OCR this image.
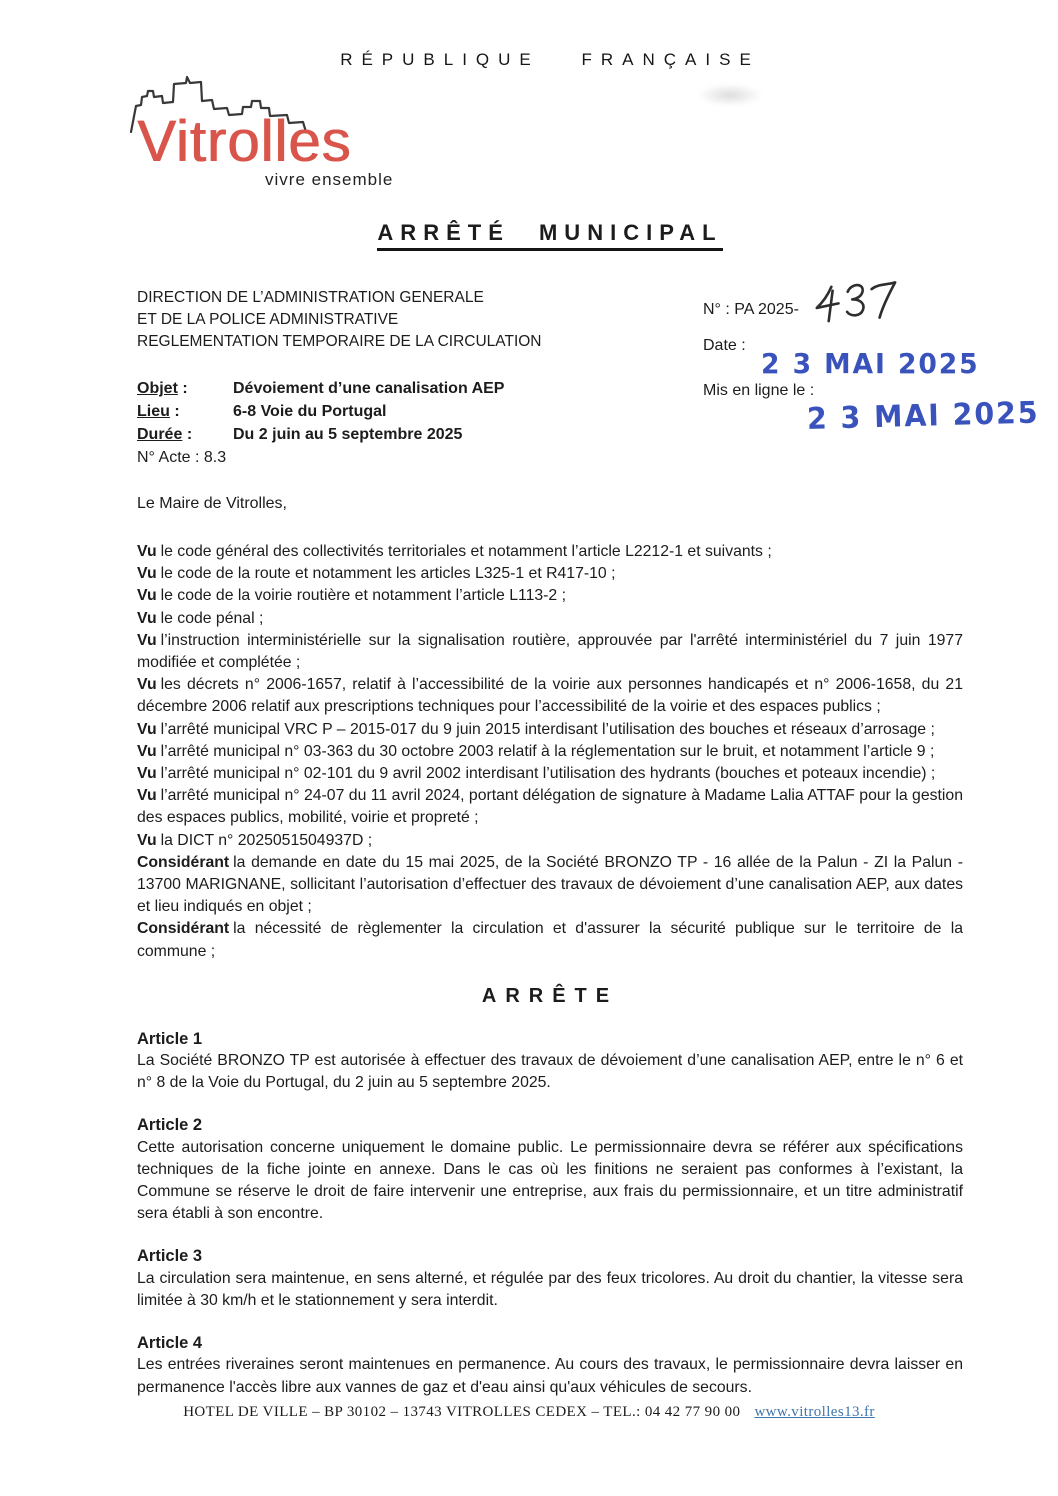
RÉPUBLIQUE FRANÇAISE
Vitrolles
vivre ensemble
ARRÊTÉ MUNICIPAL
DIRECTION DE L’ADMINISTRATION GENERALE
ET DE LA POLICE ADMINISTRATIVE
REGLEMENTATION TEMPORAIRE DE LA CIRCULATION
Objet :	Dévoiement d’une canalisation AEP
Lieu :	6-8 Voie du Portugal
Durée :	Du 2 juin au 5 septembre 2025
N° Acte : 8.3
N° : PA 2025-
Date :
2 3 MAI 2025
Mis en ligne le :
2 3 MAI 2025
Le Maire de Vitrolles,

Vu le code général des collectivités territoriales et notamment l’article L2212-1 et suivants ;

Vu le code de la route et notamment les articles L325-1 et R417-10 ;

Vu le code de la voirie routière et notamment l’article L113-2 ;

Vu le code pénal ;

Vu l’instruction interministérielle sur la signalisation routière, approuvée par l'arrêté interministériel du 7 juin 1977 modifiée et complétée ;

Vu les décrets n° 2006-1657, relatif à l’accessibilité de la voirie aux personnes handicapés et n° 2006-1658, du 21 décembre 2006 relatif aux prescriptions techniques pour l’accessibilité de la voirie et des espaces publics ;

Vu l’arrêté municipal VRC P – 2015-017 du 9 juin 2015 interdisant l’utilisation des bouches et réseaux d’arrosage ;

Vu l’arrêté municipal n° 03-363 du 30 octobre 2003 relatif à la réglementation sur le bruit, et notamment l’article 9 ;

Vu l’arrêté municipal n° 02-101 du 9 avril 2002 interdisant l’utilisation des hydrants (bouches et poteaux incendie) ;

Vu l’arrêté municipal n° 24-07 du 11 avril 2024, portant délégation de signature à Madame Lalia ATTAF pour la gestion des espaces publics, mobilité, voirie et propreté ;

Vu la DICT n° 2025051504937D ;

Considérant la demande en date du 15 mai 2025, de la Société BRONZO TP - 16 allée de la Palun - ZI la Palun - 13700 MARIGNANE, sollicitant l’autorisation d’effectuer des travaux de dévoiement d’une canalisation AEP, aux dates et lieu indiqués en objet ;

Considérant la nécessité de règlementer la circulation et d'assurer la sécurité publique sur le territoire de la commune ;

ARRÊTE
Article 1

La Société BRONZO TP est autorisée à effectuer des travaux de dévoiement d’une canalisation AEP, entre le n° 6 et n° 8 de la Voie du Portugal, du 2 juin au 5 septembre 2025.

Article 2

Cette autorisation concerne uniquement le domaine public. Le permissionnaire devra se référer aux spécifications techniques de la fiche jointe en annexe. Dans le cas où les finitions ne seraient pas conformes à l’existant, la Commune se réserve le droit de faire intervenir une entreprise, aux frais du permissionnaire, et un titre administratif sera établi à son encontre.

Article 3

La circulation sera maintenue, en sens alterné, et régulée par des feux tricolores. Au droit du chantier, la vitesse sera limitée à 30 km/h et le stationnement y sera interdit.

Article 4

Les entrées riveraines seront maintenues en permanence. Au cours des travaux, le permissionnaire devra laisser en permanence l'accès libre aux vannes de gaz et d'eau ainsi qu'aux véhicules de secours.

HOTEL DE VILLE – BP 30102 – 13743 VITROLLES CEDEX – TEL.: 04 42 77 90 00 www.vitrolles13.fr
